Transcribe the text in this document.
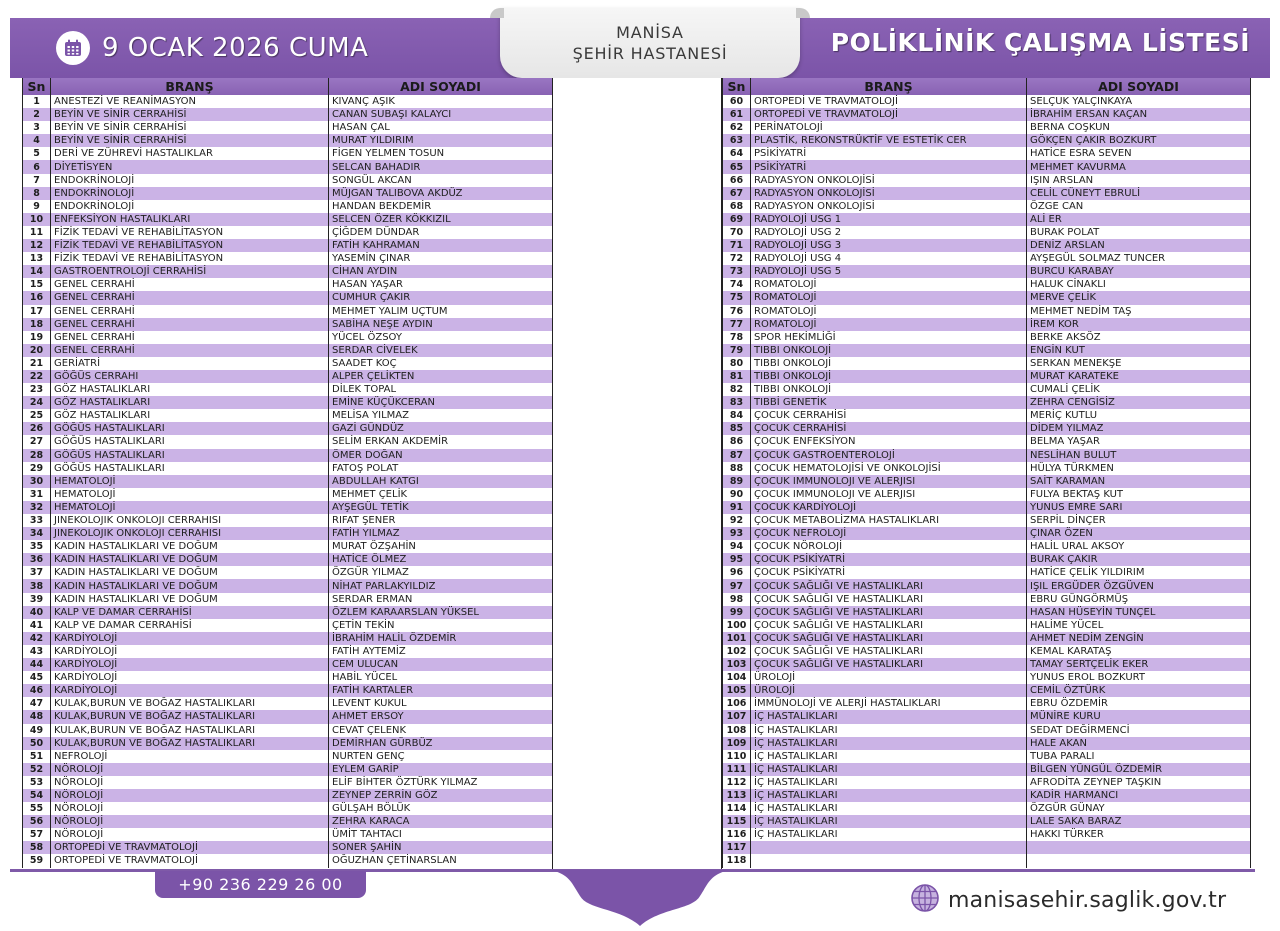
9 OCAK 2026 CUMA
MANİSA
ŞEHİR HASTANESİ	POLİKLİNİK ÇALIŞMA LİSTESİ
Sn	BRANŞ	ADI SOYADI
1	ANESTEZİ VE REANİMASYON	KIVANÇ AŞIK
2	BEYİN VE SİNİR CERRAHİSİ	CANAN SUBAŞI KALAYCI
3	BEYİN VE SİNİR CERRAHİSİ	HASAN ÇAL
4	BEYİN VE SİNİR CERRAHİSİ	MURAT YILDIRIM
5	DERİ VE ZÜHREVİ HASTALIKLAR	FİGEN YELMEN TOSUN
6	DİYETİSYEN	SELCAN BAHADIR
7	ENDOKRİNOLOJİ	SONGÜL AKCAN
8	ENDOKRİNOLOJİ	MÜJGAN TALIBOVA AKDÜZ
9	ENDOKRİNOLOJİ	HANDAN BEKDEMİR
10	ENFEKSİYON HASTALIKLARI	SELCEN ÖZER KÖKKIZIL
11	FİZİK TEDAVİ VE REHABİLİTASYON	ÇİĞDEM DÜNDAR
12	FİZİK TEDAVİ VE REHABİLİTASYON	FATİH KAHRAMAN
13	FİZİK TEDAVİ VE REHABİLİTASYON	YASEMİN ÇINAR
14	GASTROENTROLOJİ CERRAHİSİ	CİHAN AYDIN
15	GENEL CERRAHİ	HASAN YAŞAR
16	GENEL CERRAHİ	CUMHUR ÇAKIR
17	GENEL CERRAHİ	MEHMET YALIM UÇTUM
18	GENEL CERRAHİ	SABİHA NEŞE AYDIN
19	GENEL CERRAHİ	YÜCEL ÖZSOY
20	GENEL CERRAHİ	SERDAR CİVELEK
21	GERİATRİ	SAADET KOÇ
22	GÖĞÜS CERRAHI	ALPER ÇELİKTEN
23	GÖZ HASTALIKLARI	DİLEK TOPAL
24	GÖZ HASTALIKLARI	EMİNE KÜÇÜKCERAN
25	GÖZ HASTALIKLARI	MELİSA YILMAZ
26	GÖĞÜS HASTALIKLARI	GAZİ GÜNDÜZ
27	GÖĞÜS HASTALIKLARI	SELİM ERKAN AKDEMİR
28	GÖĞÜS HASTALIKLARI	ÖMER DOĞAN
29	GÖĞÜS HASTALIKLARI	FATOŞ POLAT
30	HEMATOLOJİ	ABDULLAH KATGI
31	HEMATOLOJİ	MEHMET ÇELİK
32	HEMATOLOJİ	AYŞEGÜL TETİK
33	JINEKOLOJIK ONKOLOJI CERRAHISI	RIFAT ŞENER
34	JINEKOLOJIK ONKOLOJI CERRAHISI	FATİH YILMAZ
35	KADIN HASTALIKLARI VE DOĞUM	MURAT ÖZŞAHİN
36	KADIN HASTALIKLARI VE DOĞUM	HATİCE ÖLMEZ
37	KADIN HASTALIKLARI VE DOĞUM	ÖZGÜR YILMAZ
38	KADIN HASTALIKLARI VE DOĞUM	NİHAT PARLAKYILDIZ
39	KADIN HASTALIKLARI VE DOĞUM	SERDAR ERMAN
40	KALP VE DAMAR CERRAHİSİ	ÖZLEM KARAARSLAN YÜKSEL
41	KALP VE DAMAR CERRAHİSİ	ÇETİN TEKİN
42	KARDİYOLOJİ	İBRAHİM HALİL ÖZDEMİR
43	KARDİYOLOJİ	FATİH AYTEMİZ
44	KARDİYOLOJİ	CEM ULUCAN
45	KARDİYOLOJİ	HABİL YÜCEL
46	KARDİYOLOJİ	FATİH KARTALER
47	KULAK,BURUN VE BOĞAZ HASTALIKLARI	LEVENT KUKUL
48	KULAK,BURUN VE BOĞAZ HASTALIKLARI	AHMET ERSOY
49	KULAK,BURUN VE BOĞAZ HASTALIKLARI	CEVAT ÇELENK
50	KULAK,BURUN VE BOĞAZ HASTALIKLARI	DEMİRHAN GÜRBÜZ
51	NEFROLOJİ	NURTEN GENÇ
52	NÖROLOJİ	EYLEM GARİP
53	NÖROLOJİ	ELİF BİHTER ÖZTÜRK YILMAZ
54	NÖROLOJİ	ZEYNEP ZERRİN GÖZ
55	NÖROLOJİ	GÜLŞAH BÖLÜK
56	NÖROLOJİ	ZEHRA KARACA
57	NÖROLOJİ	ÜMİT TAHTACI
58	ORTOPEDİ VE TRAVMATOLOJİ	SONER ŞAHİN
59	ORTOPEDİ VE TRAVMATOLOJİ	OĞUZHAN ÇETİNARSLAN
Sn	BRANŞ	ADI SOYADI
60	ORTOPEDİ VE TRAVMATOLOJİ	SELÇUK YALÇINKAYA
61	ORTOPEDİ VE TRAVMATOLOJİ	İBRAHİM ERSAN KAÇAN
62	PERİNATOLOJİ	BERNA COŞKUN
63	PLASTİK, REKONSTRÜKTİF VE ESTETİK CER	GÖKÇEN ÇAKIR BOZKURT
64	PSİKİYATRİ	HATİCE ESRA SEVEN
65	PSİKİYATRİ	MEHMET KAVURMA
66	RADYASYON ONKOLOJİSİ	IŞIN ARSLAN
67	RADYASYON ONKOLOJİSİ	CELİL CÜNEYT EBRULİ
68	RADYASYON ONKOLOJİSİ	ÖZGE CAN
69	RADYOLOJİ USG 1	ALİ ER
70	RADYOLOJİ USG 2	BURAK POLAT
71	RADYOLOJİ USG 3	DENİZ ARSLAN
72	RADYOLOJİ USG 4	AYŞEGÜL SOLMAZ TUNCER
73	RADYOLOJİ USG 5	BURCU KARABAY
74	ROMATOLOJİ	HALUK CİNAKLI
75	ROMATOLOJİ	MERVE ÇELİK
76	ROMATOLOJİ	MEHMET NEDİM TAŞ
77	ROMATOLOJİ	İREM KOR
78	SPOR HEKİMLİĞİ	BERKE AKSÖZ
79	TIBBI ONKOLOJİ	ENGİN KUT
80	TIBBI ONKOLOJİ	SERKAN MENEKŞE
81	TIBBI ONKOLOJİ	MURAT KARATEKE
82	TIBBI ONKOLOJİ	CUMALİ ÇELİK
83	TIBBİ GENETİK	ZEHRA CENGİSİZ
84	ÇOCUK CERRAHİSİ	MERİÇ KUTLU
85	ÇOCUK CERRAHİSİ	DİDEM YILMAZ
86	ÇOCUK ENFEKSİYON	BELMA YAŞAR
87	ÇOCUK GASTROENTEROLOJİ	NESLİHAN BULUT
88	ÇOCUK HEMATOLOJİSİ VE ONKOLOJİSİ	HÜLYA TÜRKMEN
89	ÇOCUK IMMUNOLOJI VE ALERJISI	SAİT KARAMAN
90	ÇOCUK IMMUNOLOJI VE ALERJISI	FULYA BEKTAŞ KUT
91	ÇOCUK KARDİYOLOJİ	YUNUS EMRE SARI
92	ÇOCUK METABOLİZMA HASTALIKLARI	SERPİL DİNÇER
93	ÇOCUK NEFROLOJİ	ÇINAR ÖZEN
94	ÇOCUK NÖROLOJİ	HALİL URAL AKSOY
95	ÇOCUK PSİKİYATRİ	BURAK ÇAKIR
96	ÇOCUK PSİKİYATRİ	HATİCE ÇELİK YILDIRIM
97	ÇOCUK SAĞLIĞI VE HASTALIKLARI	IŞIL ERGÜDER ÖZGÜVEN
98	ÇOCUK SAĞLIĞI VE HASTALIKLARI	EBRU GÜNGÖRMÜŞ
99	ÇOCUK SAĞLIĞI VE HASTALIKLARI	HASAN HÜSEYİN TUNÇEL
100	ÇOCUK SAĞLIĞI VE HASTALIKLARI	HALİME YÜCEL
101	ÇOCUK SAĞLIĞI VE HASTALIKLARI	AHMET NEDİM ZENGİN
102	ÇOCUK SAĞLIĞI VE HASTALIKLARI	KEMAL KARATAŞ
103	ÇOCUK SAĞLIĞI VE HASTALIKLARI	TAMAY SERTÇELİK EKER
104	ÜROLOJİ	YUNUS EROL BOZKURT
105	ÜROLOJİ	CEMİL ÖZTÜRK
106	İMMÜNOLOJİ VE ALERJİ HASTALIKLARI	EBRU ÖZDEMİR
107	İÇ HASTALIKLARI	MÜNİRE KURU
108	İÇ HASTALIKLARI	SEDAT DEĞİRMENCİ
109	İÇ HASTALIKLARI	HALE AKAN
110	İÇ HASTALIKLARI	TUBA PARALI
111	İÇ HASTALIKLARI	BİLGEN YÜNGÜL ÖZDEMİR
112	İÇ HASTALIKLARI	AFRODİTA ZEYNEP TAŞKIN
113	İÇ HASTALIKLARI	KADİR HARMANCI
114	İÇ HASTALIKLARI	ÖZGÜR GÜNAY
115	İÇ HASTALIKLARI	LALE SAKA BARAZ
116	İÇ HASTALIKLARI	HAKKI TÜRKER
117		
118		
+90 236 229 26 00
manisasehir.saglik.gov.tr
